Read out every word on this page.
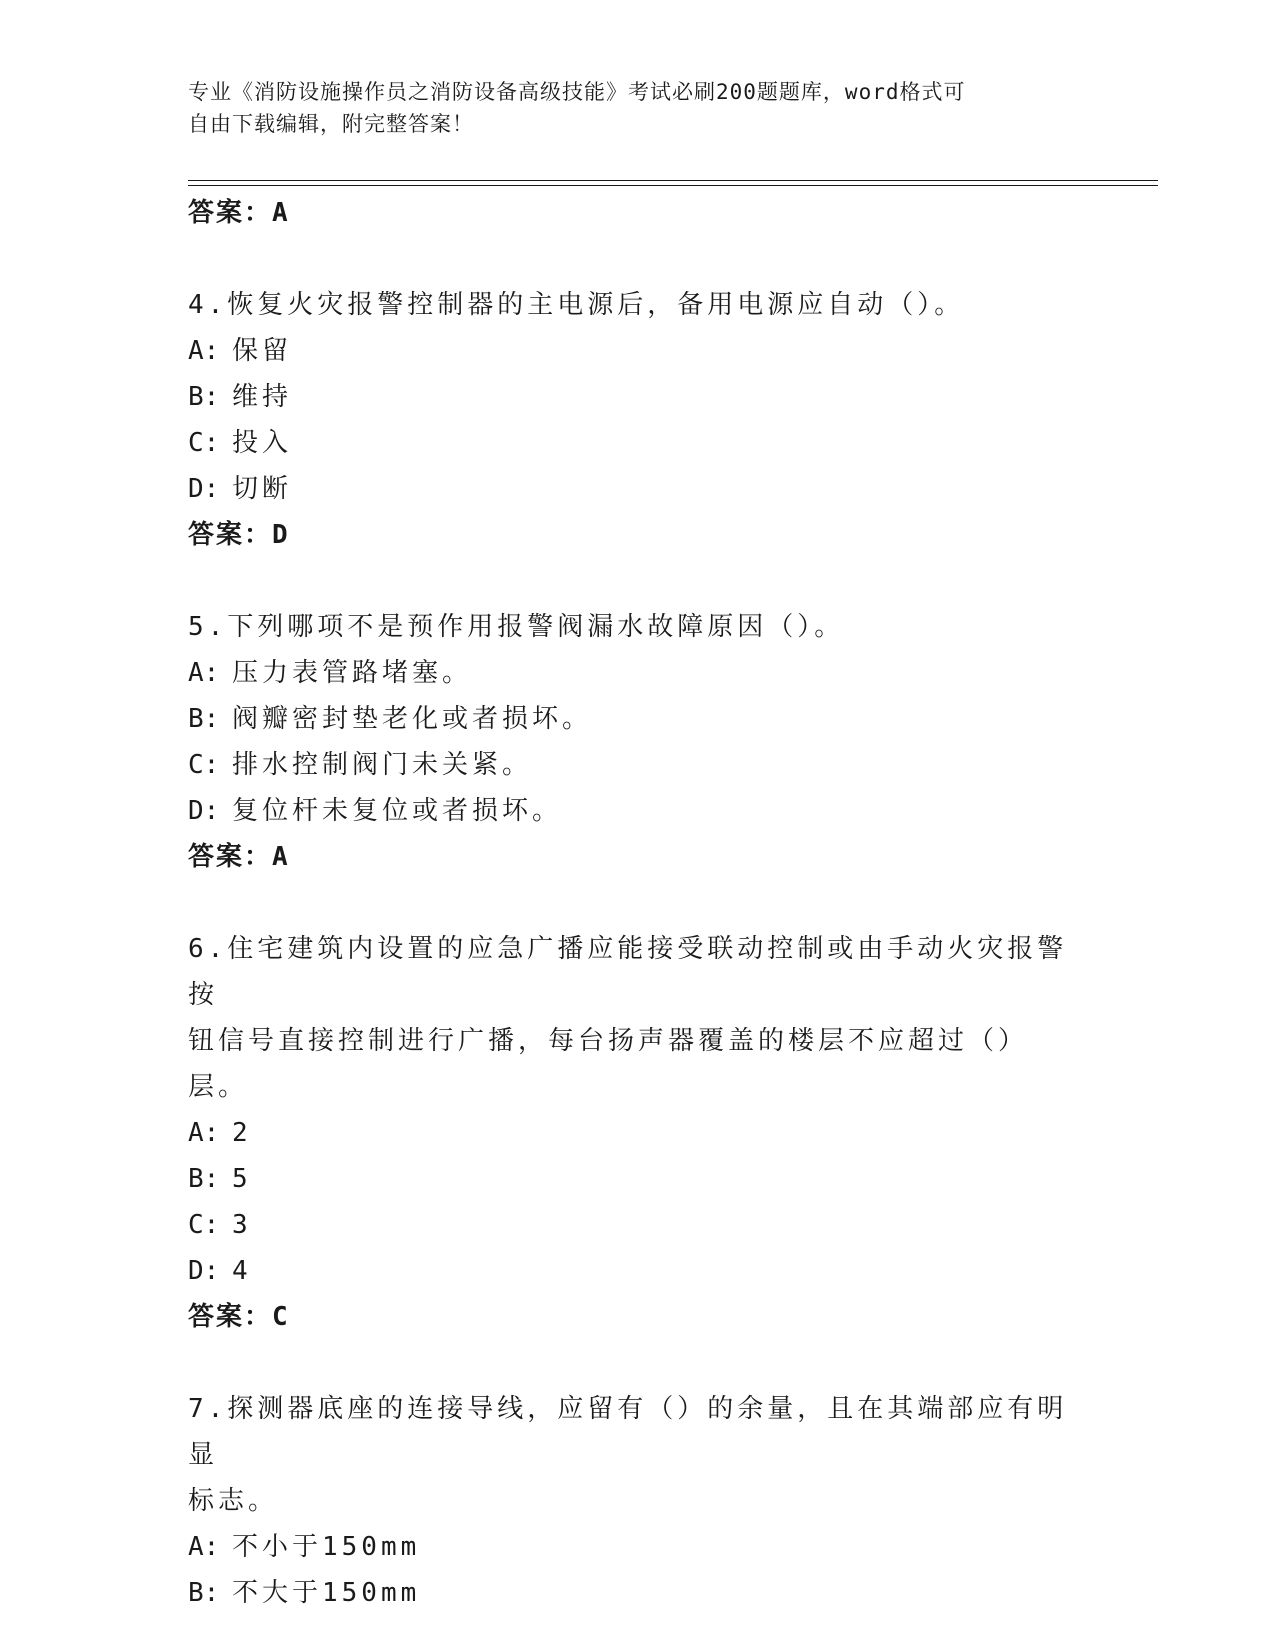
专业《消防设施操作员之消防设备高级技能》考试必刷200题题库，word格式可
自由下载编辑，附完整答案！
答案：A
4.恢复火灾报警控制器的主电源后，备用电源应自动（）。
A: 保留
B: 维持
C: 投入
D: 切断
答案：D
5.下列哪项不是预作用报警阀漏水故障原因（）。
A: 压力表管路堵塞。
B: 阀瓣密封垫老化或者损坏。
C: 排水控制阀门未关紧。
D: 复位杆未复位或者损坏。
答案：A
6.住宅建筑内设置的应急广播应能接受联动控制或由手动火灾报警按
钮信号直接控制进行广播，每台扬声器覆盖的楼层不应超过（）层。
A: 2
B: 5
C: 3
D: 4
答案：C
7.探测器底座的连接导线，应留有（）的余量，且在其端部应有明显
标志。
A: 不小于150mm
B: 不大于150mm
